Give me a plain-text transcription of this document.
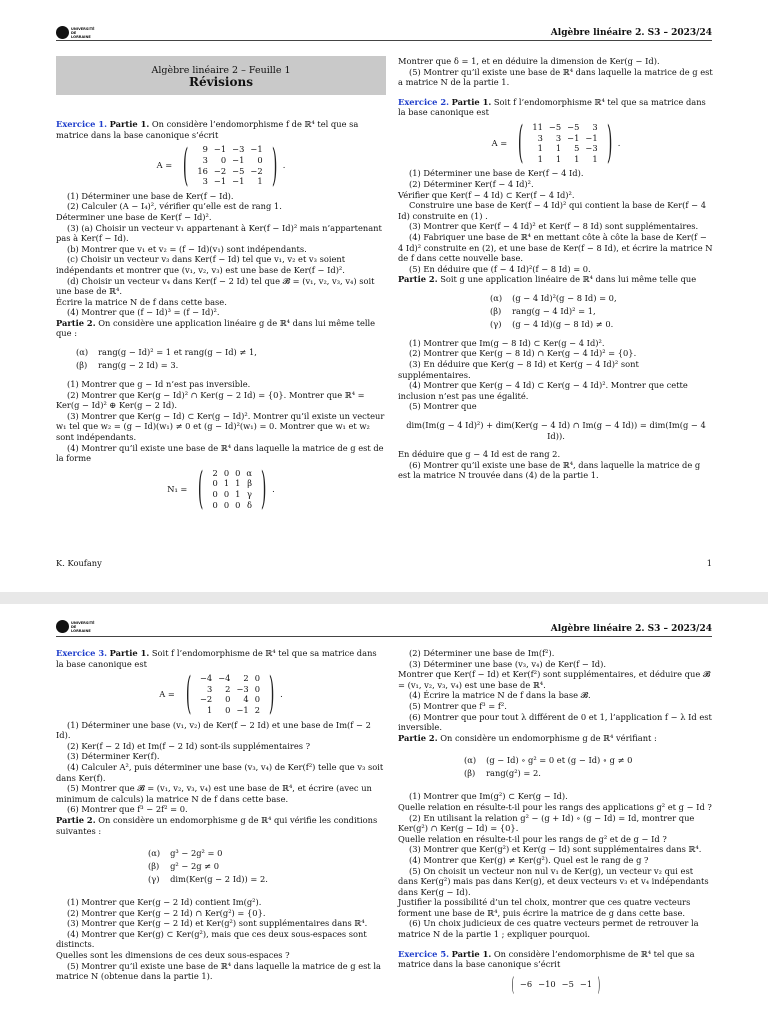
UNIVERSITÉ DE LORRAINE	Algèbre linéaire 2. S3 – 2023/24
Algèbre linéaire 2 – Feuille 1
Révisions

Exercice 1. Partie 1. On considère l’endomorphisme f de ℝ⁴ tel que sa matrice dans la base canonique s’écrit

A = ( 9	−1	−3	−1
3	0	−1	0
16	−2	−5	−2
3	−1	−1	1 ) .

(1) Déterminer une base de Ker(f − Id).

(2) Calculer (A − I₄)², vérifier qu’elle est de rang 1.

Déterminer une base de Ker(f − Id)².

(3) (a) Choisir un vecteur v₁ appartenant à Ker(f − Id)² mais n’appartenant pas à Ker(f − Id).

(b) Montrer que v₁ et v₂ = (f − Id)(v₁) sont indépendants.

(c) Choisir un vecteur v₃ dans Ker(f − Id) tel que v₁, v₂ et v₃ soient indépendants et montrer que (v₁, v₂, v₃) est une base de Ker(f − Id)².

(d) Choisir un vecteur v₄ dans Ker(f − 2 Id) tel que 𝓑 = (v₁, v₂, v₃, v₄) soit une base de ℝ⁴.

Écrire la matrice N de f dans cette base.

(4) Montrer que (f − Id)³ = (f − Id)².

Partie 2. On considère une application linéaire g de ℝ⁴ dans lui même telle que :

(α)	rang(g − Id)² = 1 et rang(g − Id) ≠ 1,
(β)	rang(g − 2 Id) = 3.

(1) Montrer que g − Id n’est pas inversible.

(2) Montrer que Ker(g − Id)² ∩ Ker(g − 2 Id) = {0}. Montrer que ℝ⁴ = Ker(g − Id)² ⊕ Ker(g − 2 Id).

(3) Montrer que Ker(g − Id) ⊂ Ker(g − Id)². Montrer qu’il existe un vecteur w₁ tel que w₂ = (g − Id)(w₁) ≠ 0 et (g − Id)²(w₁) = 0. Montrer que w₁ et w₂ sont indépendants.

(4) Montrer qu’il existe une base de ℝ⁴ dans laquelle la matrice de g est de la forme

N₁ = ( 2	0	0	α
0	1	1	β
0	0	1	γ
0	0	0	δ ) .

Montrer que δ = 1, et en déduire la dimension de Ker(g − Id).

(5) Montrer qu’il existe une base de ℝ⁴ dans laquelle la matrice de g est a matrice N de la partie 1.

Exercice 2. Partie 1. Soit f l’endomorphisme ℝ⁴ tel que sa matrice dans la base canonique est

A = ( 11	−5	−5	3
3	3	−1	−1
1	1	5	−3
1	1	1	1 ) .

(1) Déterminer une base de Ker(f − 4 Id).

(2) Déterminer Ker(f − 4 Id)².

Vérifier que Ker(f − 4 Id) ⊂ Ker(f − 4 Id)².

Construire une base de Ker(f − 4 Id)² qui contient la base de Ker(f − 4 Id) construite en (1) .

(3) Montrer que Ker(f − 4 Id)² et Ker(f − 8 Id) sont supplémentaires.

(4) Fabriquer une base de ℝ⁴ en mettant côte à côte la base de Ker(f − 4 Id)² construite en (2), et une base de Ker(f − 8 Id), et écrire la matrice N de f dans cette nouvelle base.

(5) En déduire que (f − 4 Id)²(f − 8 Id) = 0.

Partie 2. Soit g une application linéaire de ℝ⁴ dans lui même telle que

(α)	(g − 4 Id)²(g − 8 Id) = 0,
(β)	rang(g − 4 Id)² = 1,
(γ)	(g − 4 Id)(g − 8 Id) ≠ 0.

(1) Montrer que Im(g − 8 Id) ⊂ Ker(g − 4 Id)².

(2) Montrer que Ker(g − 8 Id) ∩ Ker(g − 4 Id)² = {0}.

(3) En déduire que Ker(g − 8 Id) et Ker(g − 4 Id)² sont supplémentaires.

(4) Montrer que Ker(g − 4 Id) ⊂ Ker(g − 4 Id)². Montrer que cette inclusion n’est pas une égalité.

(5) Montrer que

dim(Im(g − 4 Id)²) + dim(Ker(g − 4 Id) ∩ Im(g − 4 Id)) = dim(Im(g − 4 Id)).

En déduire que g − 4 Id est de rang 2.

(6) Montrer qu’il existe une base de ℝ⁴, dans laquelle la matrice de g est la matrice N trouvée dans (4) de la partie 1.

K. Koufany	1
UNIVERSITÉ DE LORRAINE	Algèbre linéaire 2. S3 – 2023/24

Exercice 3. Partie 1. Soit f l’endomorphisme de ℝ⁴ tel que sa matrice dans la base canonique est

A = ( −4	−4	2	0
3	2	−3	0
−2	0	4	0
1	0	−1	2 ) .

(1) Déterminer une base (v₁, v₂) de Ker(f − 2 Id) et une base de Im(f − 2 Id).

(2) Ker(f − 2 Id) et Im(f − 2 Id) sont-ils supplémentaires ?

(3) Déterminer Ker(f).

(4) Calculer A², puis déterminer une base (v₃, v₄) de Ker(f²) telle que v₃ soit dans Ker(f).

(5) Montrer que 𝓑 = (v₁, v₂, v₃, v₄) est une base de ℝ⁴, et écrire (avec un minimum de calculs) la matrice N de f dans cette base.

(6) Montrer que f³ − 2f² = 0.

Partie 2. On considère un endomorphisme g de ℝ⁴ qui vérifie les conditions suivantes :

(α)	g³ − 2g² = 0
(β)	g² − 2g ≠ 0
(γ)	dim(Ker(g − 2 Id)) = 2.

(1) Montrer que Ker(g − 2 Id) contient Im(g²).

(2) Montrer que Ker(g − 2 Id) ∩ Ker(g²) = {0}.

(3) Montrer que Ker(g − 2 Id) et Ker(g²) sont supplémentaires dans ℝ⁴.

(4) Montrer que Ker(g) ⊂ Ker(g²), mais que ces deux sous-espaces sont distincts.

Quelles sont les dimensions de ces deux sous-espaces ?

(5) Montrer qu’il existe une base de ℝ⁴ dans laquelle la matrice de g est la matrice N (obtenue dans la partie 1).

(2) Déterminer une base de Im(f²).

(3) Déterminer une base (v₃, v₄) de Ker(f − Id).

Montrer que Ker(f − Id) et Ker(f²) sont supplémentaires, et déduire que 𝓑 = (v₁, v₂, v₃, v₄) est une base de ℝ⁴.

(4) Écrire la matrice N de f dans la base 𝓑.

(5) Montrer que f³ = f².

(6) Montrer que pour tout λ différent de 0 et 1, l’application f − λ Id est inversible.

Partie 2. On considère un endomorphisme g de ℝ⁴ vérifiant :

(α)	(g − Id) ∘ g² = 0 et (g − Id) ∘ g ≠ 0
(β)	rang(g²) = 2.

(1) Montrer que Im(g²) ⊂ Ker(g − Id).

Quelle relation en résulte-t-il pour les rangs des applications g² et g − Id ?

(2) En utilisant la relation g² − (g + Id) ∘ (g − Id) = Id, montrer que Ker(g²) ∩ Ker(g − Id) = {0}.

Quelle relation en résulte-t-il pour les rangs de g² et de g − Id ?

(3) Montrer que Ker(g²) et Ker(g − Id) sont supplémentaires dans ℝ⁴.

(4) Montrer que Ker(g) ≠ Ker(g²). Quel est le rang de g ?

(5) On choisit un vecteur non nul v₁ de Ker(g), un vecteur v₂ qui est dans Ker(g²) mais pas dans Ker(g), et deux vecteurs v₃ et v₄ indépendants dans Ker(g − Id).

Justifier la possibilité d’un tel choix, montrer que ces quatre vecteurs forment une base de ℝ⁴, puis écrire la matrice de g dans cette base.

(6) Un choix judicieux de ces quatre vecteurs permet de retrouver la matrice N de la partie 1 ; expliquer pourquoi.

Exercice 5. Partie 1. On considère l’endomorphisme de ℝ⁴ tel que sa matrice dans la base canonique s’écrit

( −6	−10	−5	−1 )
